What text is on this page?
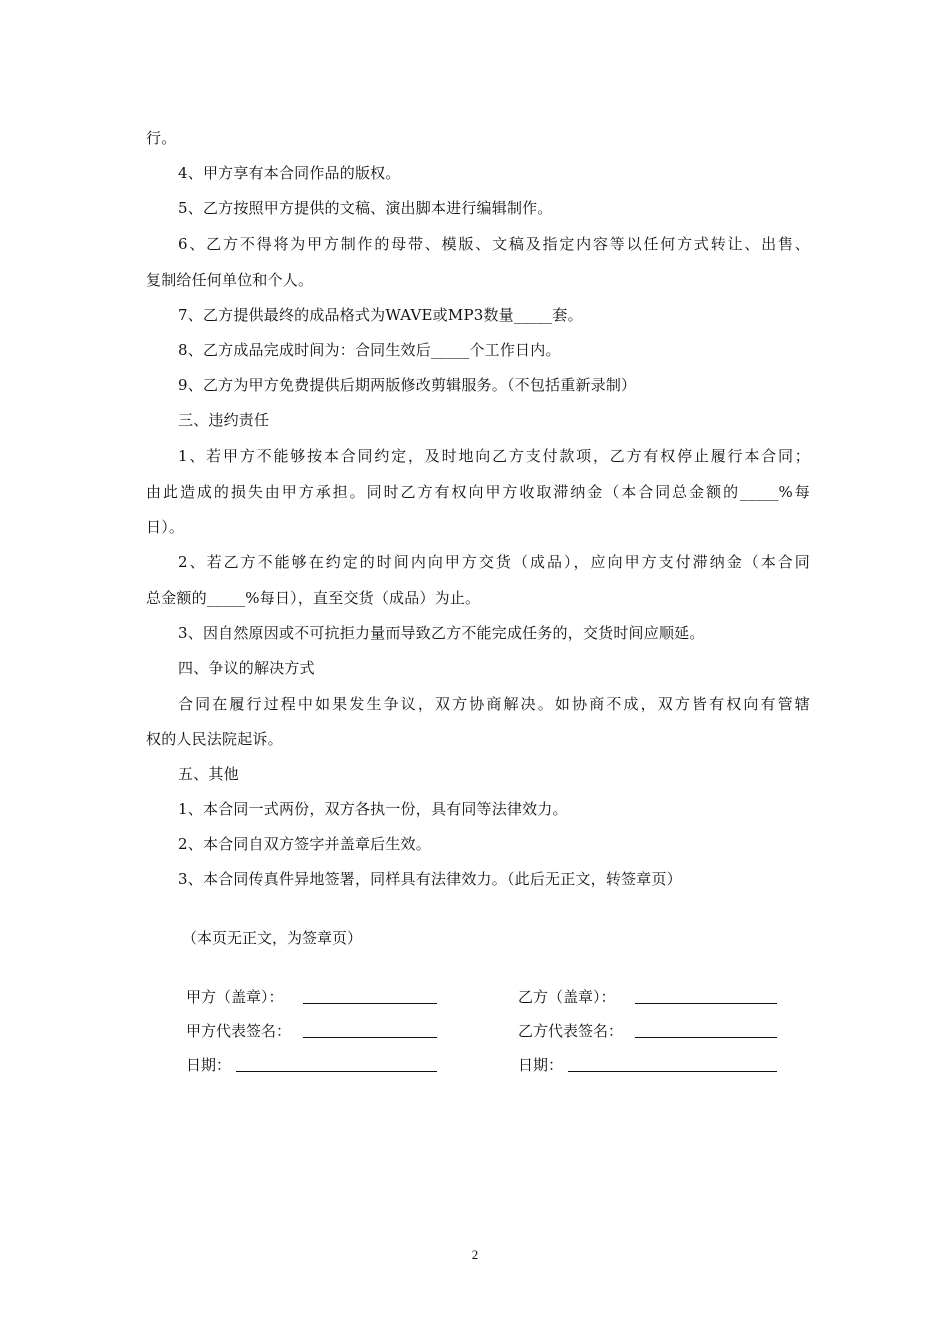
行。
4、甲方享有本合同作品的版权。
5、乙方按照甲方提供的文稿、演出脚本进行编辑制作。
6、乙方不得将为甲方制作的母带、模版、文稿及指定内容等以任何方式转让、出售、
复制给任何单位和个人。
7、乙方提供最终的成品格式为WAVE或MP3数量_____套。
8、乙方成品完成时间为：合同生效后_____个工作日内。
9、乙方为甲方免费提供后期两版修改剪辑服务。（不包括重新录制）
三、违约责任
1、若甲方不能够按本合同约定，及时地向乙方支付款项，乙方有权停止履行本合同；
由此造成的损失由甲方承担。同时乙方有权向甲方收取滞纳金（本合同总金额的_____%每
日）。
2、若乙方不能够在约定的时间内向甲方交货（成品），应向甲方支付滞纳金（本合同
总金额的_____%每日），直至交货（成品）为止。
3、因自然原因或不可抗拒力量而导致乙方不能完成任务的，交货时间应顺延。
四、争议的解决方式
合同在履行过程中如果发生争议，双方协商解决。如协商不成，双方皆有权向有管辖
权的人民法院起诉。
五、其他
1、本合同一式两份，双方各执一份，具有同等法律效力。
2、本合同自双方签字并盖章后生效。
3、本合同传真件异地签署，同样具有法律效力。（此后无正文，转签章页）
（本页无正文，为签章页）
甲方（盖章）：
甲方代表签名：
日期：
乙方（盖章）：
乙方代表签名：
日期：
2
